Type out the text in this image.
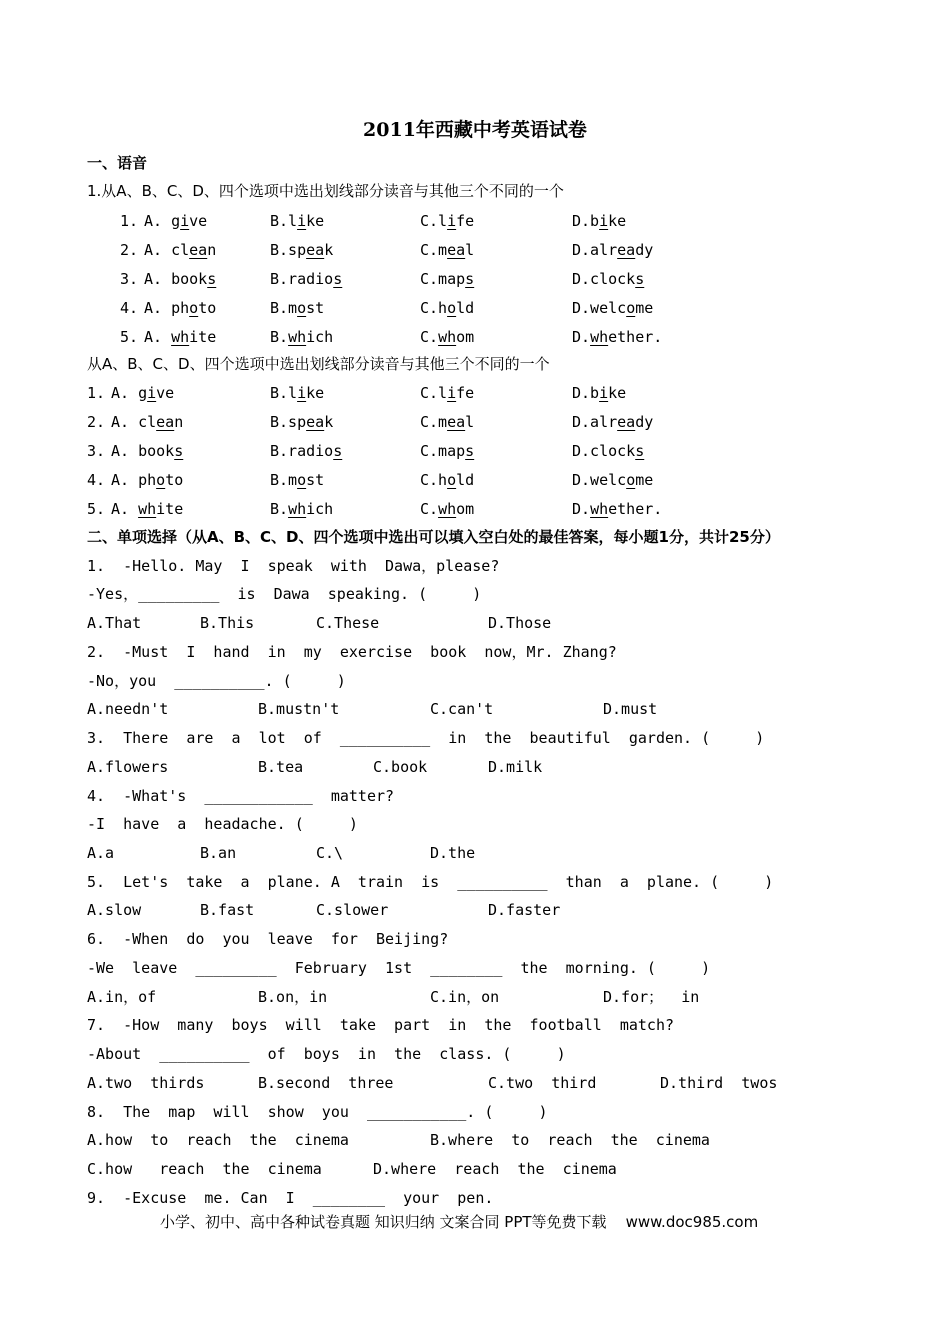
2011年西藏中考英语试卷
一、语音
1.从A、B、C、D、四个选项中选出划线部分读音与其他三个不同的一个
从A、B、C、D、四个选项中选出划线部分读音与其他三个不同的一个
二、单项选择（从A、B、C、D、四个选项中选出可以填入空白处的最佳答案，每小题1分，共计25分）
小学、初中、高中各种试卷真题 知识归纳 文案合同 PPT等免费下载    www.doc985.com
1. A. give	B.like	C.life	D.bike
1. A. give	B.like	C.life	D.bike
2. A. clean	B.speak	C.meal	D.already
2. A. clean	B.speak	C.meal	D.already
3. A. books	B.radios	C.maps	D.clocks
3. A. books	B.radios	C.maps	D.clocks
4. A. photo	B.most	C.hold	D.welcome
4. A. photo	B.most	C.hold	D.welcome
5. A. white	B.which	C.whom	D.whether.
5. A. white	B.which	C.whom	D.whether.
1.  -Hello. May  I  speak  with  Dawa，please?
-Yes，_________  is  Dawa  speaking. (     )
A.That	B.This	C.These	D.Those
2.  -Must  I  hand  in  my  exercise  book  now，Mr. Zhang?
-No，you  __________. (     )
A.needn't	B.mustn't	C.can't	D.must
3.  There  are  a  lot  of  __________  in  the  beautiful  garden. (     )
A.flowers	B.tea	C.book	D.milk
4.  -What's  ____________  matter?
-I  have  a  headache. (     )
A.a	B.an	C.\	D.the
5.  Let's  take  a  plane. A  train  is  __________  than  a  plane. (     )
A.slow	B.fast	C.slower	D.faster
6.  -When  do  you  leave  for  Beijing?
-We  leave  _________  February  1st  ________  the  morning. (     )
A.in，of	B.on，in	C.in，on	D.for；  in
7.  -How  many  boys  will  take  part  in  the  football  match?
-About  __________  of  boys  in  the  class. (     )
A.two  thirds	B.second  three	C.two  third	D.third  twos
8.  The  map  will  show  you  ___________. (     )
A.how  to  reach  the  cinema	B.where  to  reach  the  cinema
C.how   reach  the  cinema	D.where  reach  the  cinema
9.  -Excuse  me. Can  I  ________  your  pen.
